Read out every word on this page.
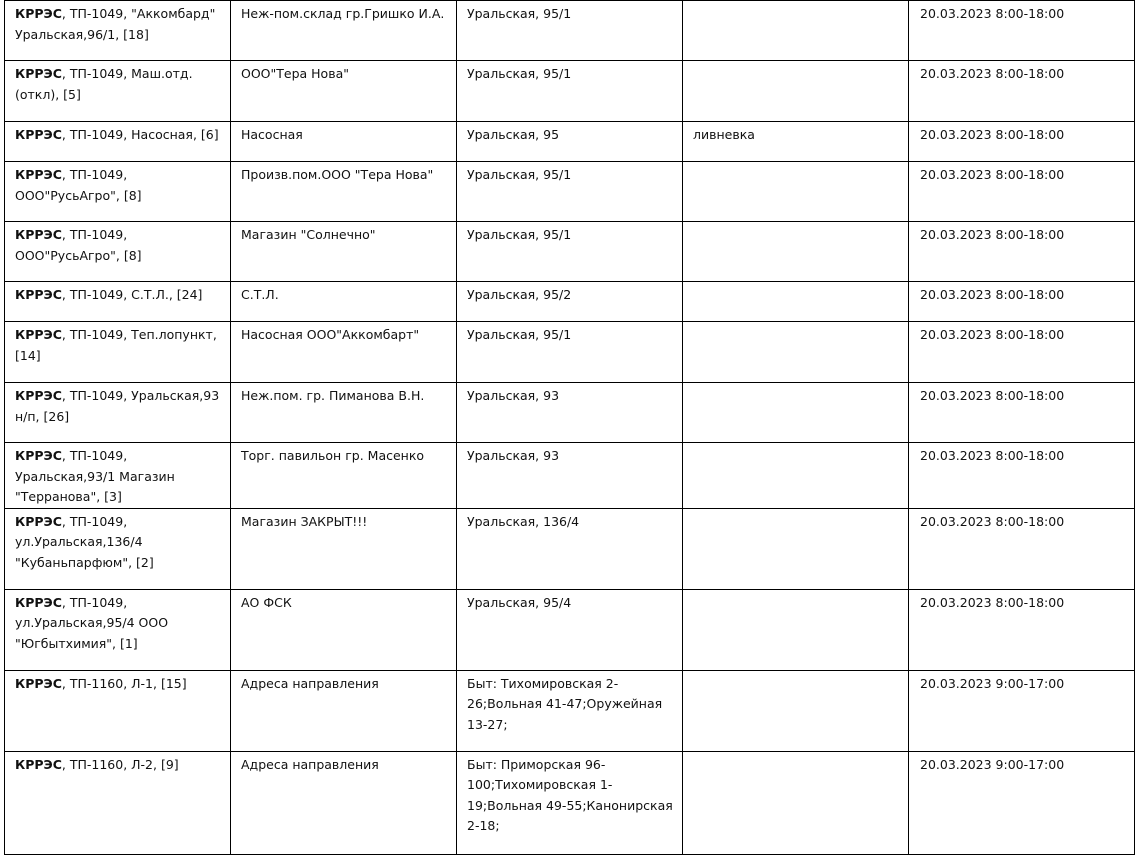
КРРЭС, ТП-1049, "Аккомбард" Уральская,96/1, [18]	Неж-пом.склад гр.Гришко И.А.	Уральская, 95/1		20.03.2023 8:00-18:00
КРРЭС, ТП-1049, Маш.отд.(откл), [5]	ООО"Тера Нова"	Уральская, 95/1		20.03.2023 8:00-18:00
КРРЭС, ТП-1049, Насосная, [6]	Насосная	Уральская, 95	ливневка	20.03.2023 8:00-18:00
КРРЭС, ТП-1049, ООО"РусьАгро", [8]	Произв.пом.ООО "Тера Нова"	Уральская, 95/1		20.03.2023 8:00-18:00
КРРЭС, ТП-1049, ООО"РусьАгро", [8]	Магазин "Солнечно"	Уральская, 95/1		20.03.2023 8:00-18:00
КРРЭС, ТП-1049, С.Т.Л., [24]	С.Т.Л.	Уральская, 95/2		20.03.2023 8:00-18:00
КРРЭС, ТП-1049, Теп.лопункт, [14]	Насосная ООО"Аккомбарт"	Уральская, 95/1		20.03.2023 8:00-18:00
КРРЭС, ТП-1049, Уральская,93 н/п, [26]	Неж.пом. гр. Пиманова В.Н.	Уральская, 93		20.03.2023 8:00-18:00
КРРЭС, ТП-1049, Уральская,93/1 Магазин "Терранова", [3]	Торг. павильон гр. Масенко	Уральская, 93		20.03.2023 8:00-18:00
КРРЭС, ТП-1049, ул.Уральская,136/4 "Кубаньпарфюм", [2]	Магазин ЗАКРЫТ!!!	Уральская, 136/4		20.03.2023 8:00-18:00
КРРЭС, ТП-1049, ул.Уральская,95/4 ООО "Югбытхимия", [1]	АО ФСК	Уральская, 95/4		20.03.2023 8:00-18:00
КРРЭС, ТП-1160, Л-1, [15]	Адреса направления	Быт: Тихомировская 2-26;Вольная 41-47;Оружейная 13-27;		20.03.2023 9:00-17:00
КРРЭС, ТП-1160, Л-2, [9]	Адреса направления	Быт: Приморская 96-100;Тихомировская 1-19;Вольная 49-55;Канонирская 2-18;		20.03.2023 9:00-17:00
